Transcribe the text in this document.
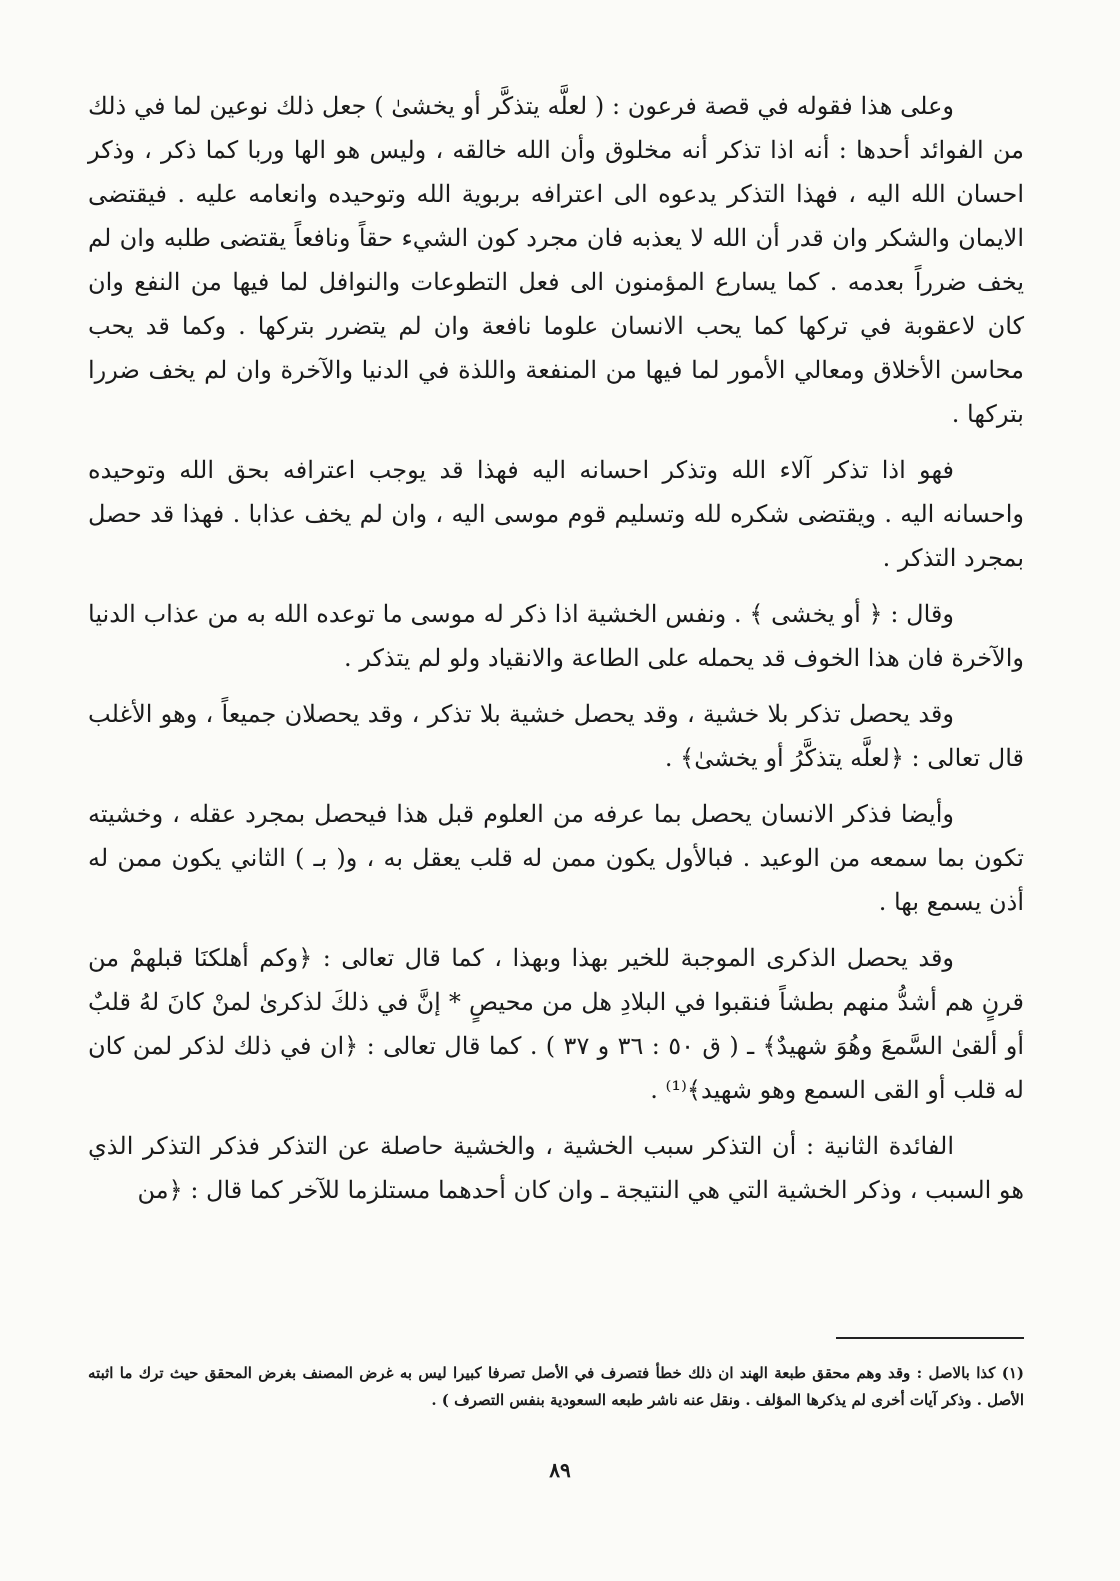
وعلى هذا فقوله في قصة فرعون : ( لعلَّه يتذكَّر أو يخشىٰ ) جعل ذلك نوعين لما في ذلك من الفوائد أحدها : أنه اذا تذكر أنه مخلوق وأن الله خالقه ، وليس هو الها وربا كما ذكر ، وذكر احسان الله اليه ، فهذا التذكر يدعوه الى اعترافه بربوية الله وتوحيده وانعامه عليه . فيقتضى الايمان والشكر وان قدر أن الله لا يعذبه فان مجرد كون الشيء حقاً ونافعاً يقتضى طلبه وان لم يخف ضرراً بعدمه . كما يسارع المؤمنون الى فعل التطوعات والنوافل لما فيها من النفع وان كان لاعقوبة في تركها كما يحب الانسان علوما نافعة وان لم يتضرر بتركها . وكما قد يحب محاسن الأخلاق ومعالي الأمور لما فيها من المنفعة واللذة في الدنيا والآخرة وان لم يخف ضررا بتركها .

فهو اذا تذكر آلاء الله وتذكر احسانه اليه فهذا قد يوجب اعترافه بحق الله وتوحيده واحسانه اليه . ويقتضى شكره لله وتسليم قوم موسى اليه ، وان لم يخف عذابا . فهذا قد حصل بمجرد التذكر .

وقال : ﴿ أو يخشى ﴾ . ونفس الخشية اذا ذكر له موسى ما توعده الله به من عذاب الدنيا والآخرة فان هذا الخوف قد يحمله على الطاعة والانقياد ولو لم يتذكر .

وقد يحصل تذكر بلا خشية ، وقد يحصل خشية بلا تذكر ، وقد يحصلان جميعاً ، وهو الأغلب قال تعالى : ﴿لعلَّه يتذكَّرُ أو يخشىٰ﴾ .

وأيضا فذكر الانسان يحصل بما عرفه من العلوم قبل هذا فيحصل بمجرد عقله ، وخشيته تكون بما سمعه من الوعيد . فبالأول يكون ممن له قلب يعقل به ، و( بـ ) الثاني يكون ممن له أذن يسمع بها .

وقد يحصل الذكرى الموجبة للخير بهذا وبهذا ، كما قال تعالى : ﴿وكم أهلكنَا قبلهمْ من قرنٍ هم أشدُّ منهم بطشاً فنقبوا في البلادِ هل من محيصٍ * إنَّ في ذلكَ لذكرىٰ لمنْ كانَ لهُ قلبٌ أو ألقىٰ السَّمعَ وهُوَ شهيدٌ﴾ ـ ( ق ٥٠ : ٣٦ و ٣٧ ) . كما قال تعالى : ﴿ان في ذلك لذكر لمن كان له قلب أو القى السمع وهو شهيد﴾⁽¹⁾ .

الفائدة الثانية : أن التذكر سبب الخشية ، والخشية حاصلة عن التذكر فذكر التذكر الذي هو السبب ، وذكر الخشية التي هي النتيجة ـ وان كان أحدهما مستلزما للآخر كما قال : ﴿من

(١) كذا بالاصل : وقد وهم محقق طبعة الهند ان ذلك خطأ فتصرف في الأصل تصرفا كبيرا ليس به غرض المصنف بغرض المحقق حيث ترك ما اثبته الأصل . وذكر آيات أخرى لم يذكرها المؤلف . ونقل عنه ناشر طبعه السعودية بنفس التصرف ) .

٨٩
